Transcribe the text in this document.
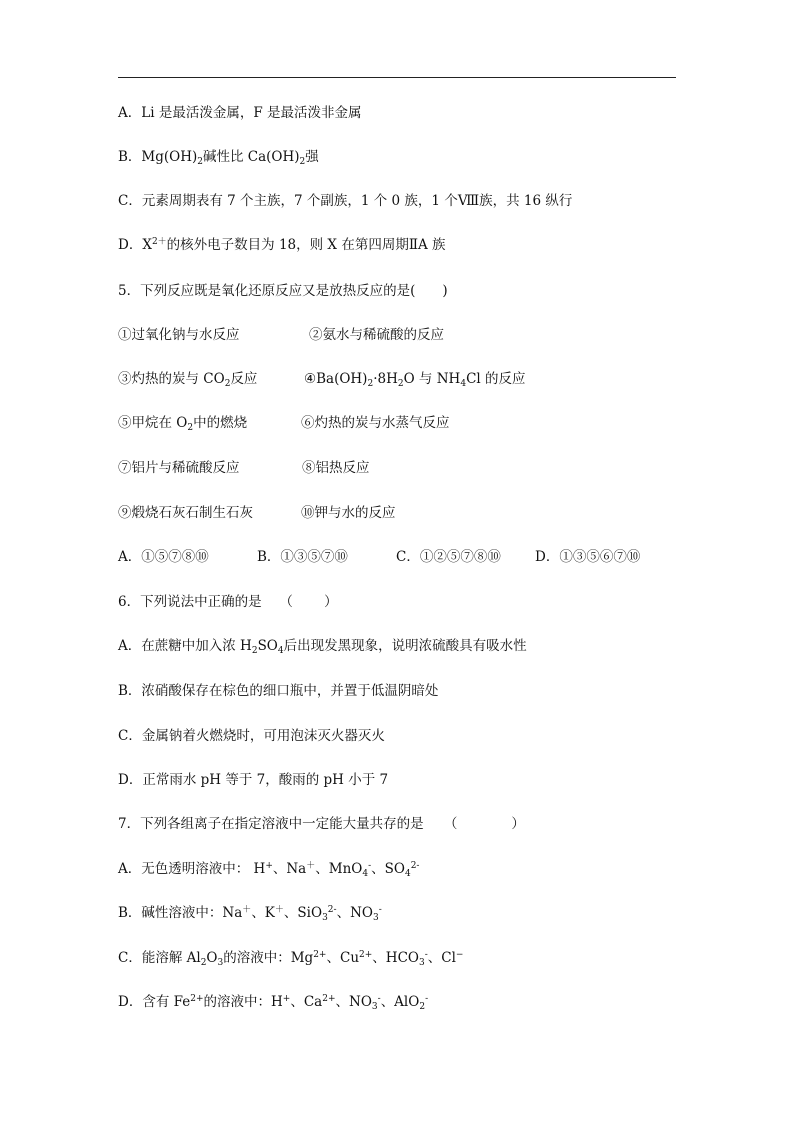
A．Li 是最活泼金属，F 是最活泼非金属
B．$Mg(OH)_2$碱性比 $Ca(OH)_2$强
C．元素周期表有 7 个主族，7 个副族，1 个 0 族，1 个Ⅷ族，共 16 纵行
D．$X^{2+}$的核外电子数目为 18，则 X 在第四周期ⅡA 族
5．下列反应既是氧化还原反应又是放热反应的是(　　)
①过氧化钠与水反应	②氨水与稀硫酸的反应
③灼热的炭与 $CO_2$反应	$④Ba(OH)_2\cdot 8H_2O$ 与 $NH_4Cl$ 的反应
⑤甲烷在 $O_2$中的燃烧	⑥灼热的炭与水蒸气反应
⑦铝片与稀硫酸反应	⑧铝热反应
⑨煅烧石灰石制生石灰	⑩钾与水的反应
A．①⑤⑦⑧⑩	B．①③⑤⑦⑩	C．①②⑤⑦⑧⑩	D．①③⑤⑥⑦⑩
6．下列说法中正确的是　 （　　 ）
A．在蔗糖中加入浓 $H_2SO_4$后出现发黑现象，说明浓硫酸具有吸水性
B．浓硝酸保存在棕色的细口瓶中，并置于低温阴暗处
C．金属钠着火燃烧时，可用泡沫灭火器灭火
D．正常雨水 pH 等于 7，酸雨的 pH 小于 7
7．下列各组离子在指定溶液中一定能大量共存的是　　（　　　　）
A．无色透明溶液中： H+、Na＋、MnO$_4$-、$SO_4^{2-}$
B．碱性溶液中：Na＋、K＋、SiO$_3^{2-}$、$NO_3^-$
C．能溶解 $Al_2O_3$的溶液中：$Mg^{2+}$、$Cu^{2+}$、$HCO_3^-$、Cl−
D．含有 $Fe^{2+}$的溶液中：H+、$Ca^{2+}$、$NO_3^-$、AlO$_2$-
